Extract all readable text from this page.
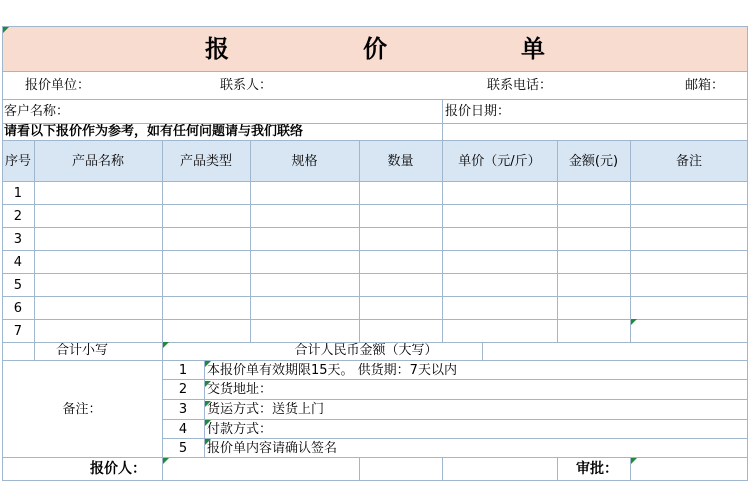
报　价　单
报价单位：	联系人：	联系电话：	邮箱：
客户名称：	报价日期：
请看以下报价作为参考，如有任何问题请与我们联络
序号	产品名称	产品类型	规格	数量	单价（元/斤）	金额(元)	备注
1
2
3
4
5
6
7
合计小写	合计人民币金额（大写）
备注：
1	本报价单有效期限15天。 供货期：7天以内
2	交货地址：
3	货运方式：送货上门
4	付款方式：
5	报价单内容请确认签名
报价人：	审批：
